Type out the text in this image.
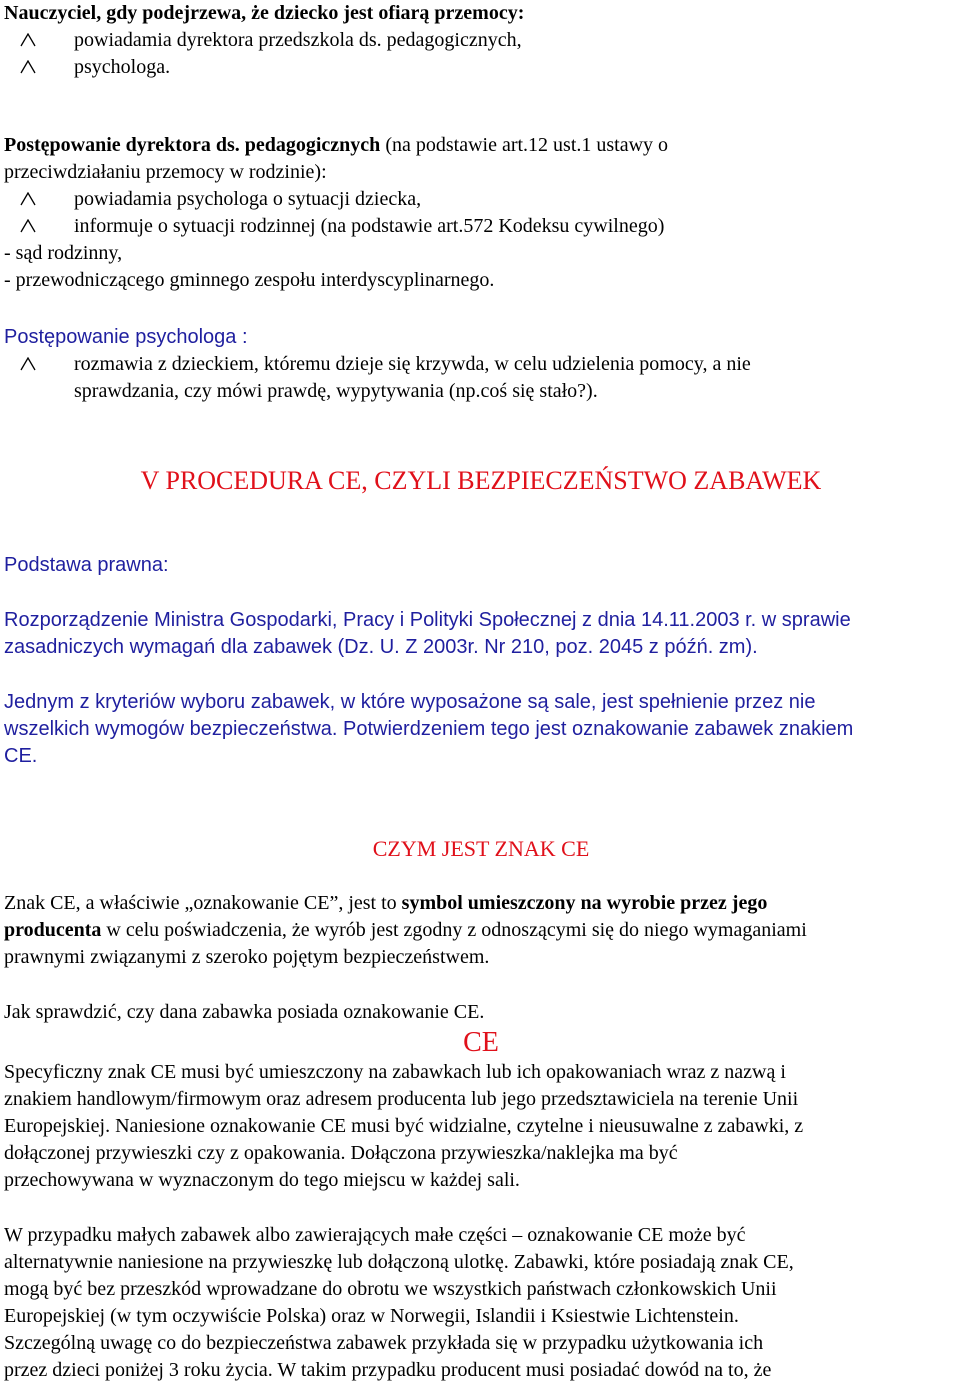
Nauczyciel, gdy podejrzewa, że dziecko jest ofiarą przemocy:
powiadamia dyrektora przedszkola ds. pedagogicznych,
psychologa.
Postępowanie dyrektora ds. pedagogicznych (na podstawie art.12 ust.1 ustawy o
przeciwdziałaniu przemocy w rodzinie):
powiadamia psychologa o sytuacji dziecka,
informuje o sytuacji rodzinnej (na podstawie art.572 Kodeksu cywilnego)
- sąd rodzinny,
- przewodniczącego gminnego zespołu interdyscyplinarnego.
Postępowanie psychologa :
rozmawia z dzieckiem, któremu dzieje się krzywda, w celu udzielenia pomocy, a nie
sprawdzania, czy mówi prawdę, wypytywania (np.coś się stało?).
V PROCEDURA CE, CZYLI BEZPIECZEŃSTWO ZABAWEK
Podstawa prawna:
Rozporządzenie Ministra Gospodarki, Pracy i Polityki Społecznej z dnia 14.11.2003 r. w sprawie
zasadniczych wymagań dla zabawek (Dz. U. Z 2003r. Nr 210, poz. 2045 z późń. zm).
Jednym z kryteriów wyboru zabawek, w które wyposażone są sale, jest spełnienie przez nie
wszelkich wymogów bezpieczeństwa. Potwierdzeniem tego jest oznakowanie zabawek znakiem
CE.
CZYM JEST ZNAK CE
Znak CE, a właściwie „oznakowanie CE”, jest to symbol umieszczony na wyrobie przez jego
producenta w celu poświadczenia, że wyrób jest zgodny z odnoszącymi się do niego wymaganiami
prawnymi związanymi z szeroko pojętym bezpieczeństwem.
Jak sprawdzić, czy dana zabawka posiada oznakowanie CE.
CE
Specyficzny znak CE musi być umieszczony na zabawkach lub ich opakowaniach wraz z nazwą i
znakiem handlowym/firmowym oraz adresem producenta lub jego przedsztawiciela na terenie Unii
Europejskiej. Naniesione oznakowanie CE musi być widzialne, czytelne i nieusuwalne z zabawki, z
dołączonej przywieszki czy z opakowania. Dołączona przywieszka/naklejka ma być
przechowywana w wyznaczonym do tego miejscu w każdej sali.
W przypadku małych zabawek albo zawierających małe części – oznakowanie CE może być
alternatywnie naniesione na przywieszkę lub dołączoną ulotkę. Zabawki, które posiadają znak CE,
mogą być bez przeszkód wprowadzane do obrotu we wszystkich państwach członkowskich Unii
Europejskiej (w tym oczywiście Polska) oraz w Norwegii, Islandii i Ksiestwie Lichtenstein.
Szczególną uwagę co do bezpieczeństwa zabawek przykłada się w przypadku użytkowania ich
przez dzieci poniżej 3 roku życia. W takim przypadku producent musi posiadać dowód na to, że
